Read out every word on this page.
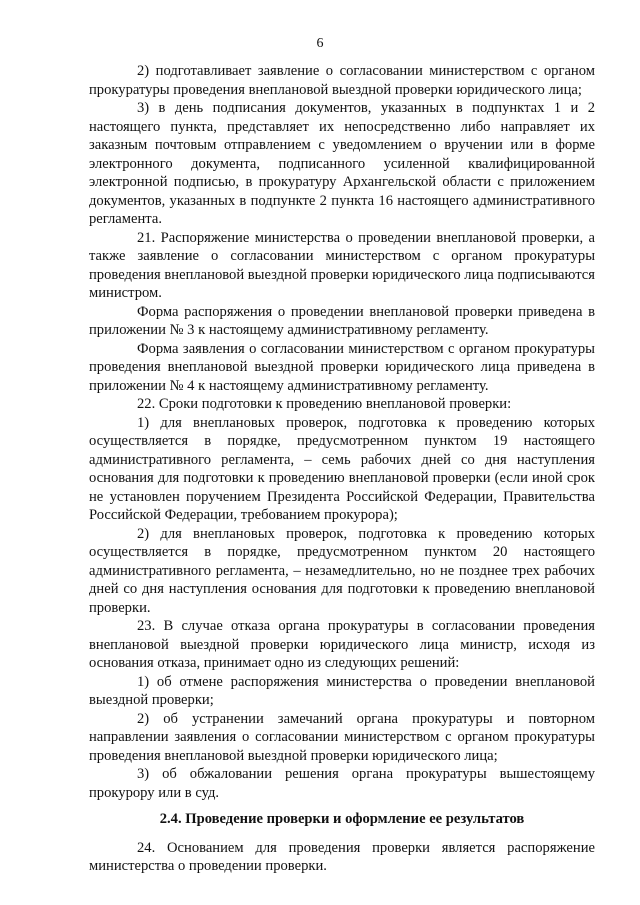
6

2) подготавливает заявление о согласовании министерством с органом прокуратуры проведения внеплановой выездной проверки юридического лица;

3) в день подписания документов, указанных в подпунктах 1 и 2 настоящего пункта, представляет их непосредственно либо направляет их заказным почтовым отправлением с уведомлением о вручении или в форме электронного документа, подписанного усиленной квалифицированной электронной подписью, в прокуратуру Архангельской области с приложением документов, указанных в подпункте 2 пункта 16 настоящего административного регламента.

21. Распоряжение министерства о проведении внеплановой проверки, а также заявление о согласовании министерством с органом прокуратуры проведения внеплановой выездной проверки юридического лица подписываются министром.

Форма распоряжения о проведении внеплановой проверки приведена в приложении № 3 к настоящему административному регламенту.

Форма заявления о согласовании министерством с органом прокуратуры проведения внеплановой выездной проверки юридического лица приведена в приложении № 4 к настоящему административному регламенту.

22. Сроки подготовки к проведению внеплановой проверки:

1) для внеплановых проверок, подготовка к проведению которых осуществляется в порядке, предусмотренном пунктом 19 настоящего административного регламента, – семь рабочих дней со дня наступления основания для подготовки к проведению внеплановой проверки (если иной срок не установлен поручением Президента Российской Федерации, Правительства Российской Федерации, требованием прокурора);

2) для внеплановых проверок, подготовка к проведению которых осуществляется в порядке, предусмотренном пунктом 20 настоящего административного регламента, – незамедлительно, но не позднее трех рабочих дней со дня наступления основания для подготовки к проведению внеплановой проверки.

23. В случае отказа органа прокуратуры в согласовании проведения внеплановой выездной проверки юридического лица министр, исходя из основания отказа, принимает одно из следующих решений:

1) об отмене распоряжения министерства о проведении внеплановой выездной проверки;

2) об устранении замечаний органа прокуратуры и повторном направлении заявления о согласовании министерством с органом прокуратуры проведения внеплановой выездной проверки юридического лица;

3) об обжаловании решения органа прокуратуры вышестоящему прокурору или в суд.

2.4. Проведение проверки и оформление ее результатов

24. Основанием для проведения проверки является распоряжение министерства о проведении проверки.
